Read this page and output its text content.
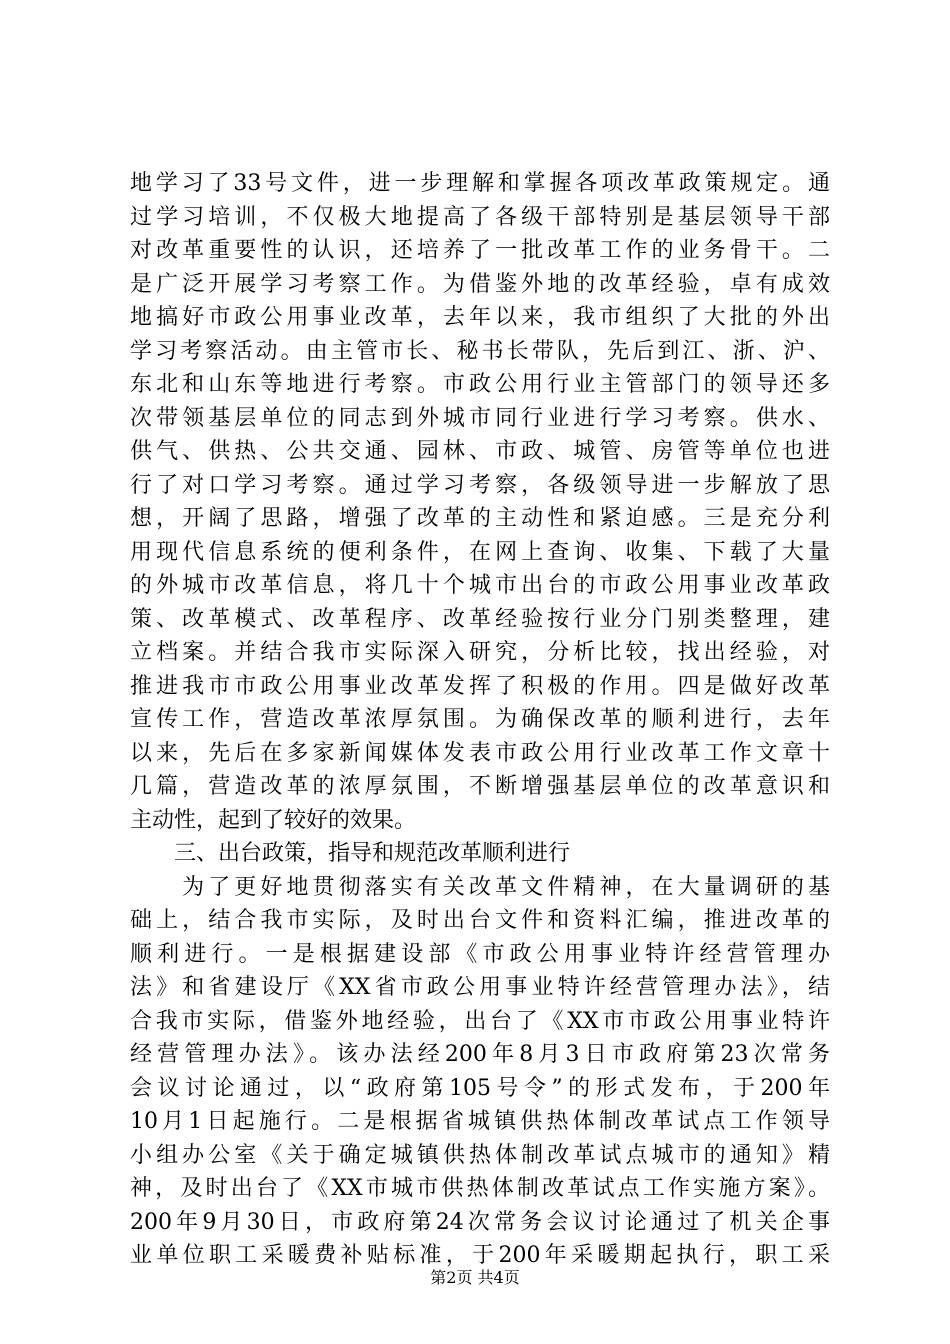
地学习了33号文件，进一步理解和掌握各项改革政策规定。通
过学习培训，不仅极大地提高了各级干部特别是基层领导干部
对改革重要性的认识，还培养了一批改革工作的业务骨干。二
是广泛开展学习考察工作。为借鉴外地的改革经验，卓有成效
地搞好市政公用事业改革，去年以来，我市组织了大批的外出
学习考察活动。由主管市长、秘书长带队，先后到江、浙、沪、
东北和山东等地进行考察。市政公用行业主管部门的领导还多
次带领基层单位的同志到外城市同行业进行学习考察。供水、
供气、供热、公共交通、园林、市政、城管、房管等单位也进
行了对口学习考察。通过学习考察，各级领导进一步解放了思
想，开阔了思路，增强了改革的主动性和紧迫感。三是充分利
用现代信息系统的便利条件，在网上查询、收集、下载了大量
的外城市改革信息，将几十个城市出台的市政公用事业改革政
策、改革模式、改革程序、改革经验按行业分门别类整理，建
立档案。并结合我市实际深入研究，分析比较，找出经验，对
推进我市市政公用事业改革发挥了积极的作用。四是做好改革
宣传工作，营造改革浓厚氛围。为确保改革的顺利进行，去年
以来，先后在多家新闻媒体发表市政公用行业改革工作文章十
几篇，营造改革的浓厚氛围，不断增强基层单位的改革意识和
主动性，起到了较好的效果。
　　三、出台政策，指导和规范改革顺利进行
　　为了更好地贯彻落实有关改革文件精神，在大量调研的基
础上，结合我市实际，及时出台文件和资料汇编，推进改革的
顺利进行。一是根据建设部《市政公用事业特许经营管理办
法》和省建设厅《XX省市政公用事业特许经营管理办法》，结
合我市实际，借鉴外地经验，出台了《XX市市政公用事业特许
经营管理办法》。该办法经200年8月3日市政府第23次常务
会议讨论通过，以“政府第105号令”的形式发布，于200年
10月1日起施行。二是根据省城镇供热体制改革试点工作领导
小组办公室《关于确定城镇供热体制改革试点城市的通知》精
神，及时出台了《XX市城市供热体制改革试点工作实施方案》。
200年9月30日，市政府第24次常务会议讨论通过了机关企事
业单位职工采暖费补贴标准，于200年采暖期起执行，职工采
第2页 共4页
